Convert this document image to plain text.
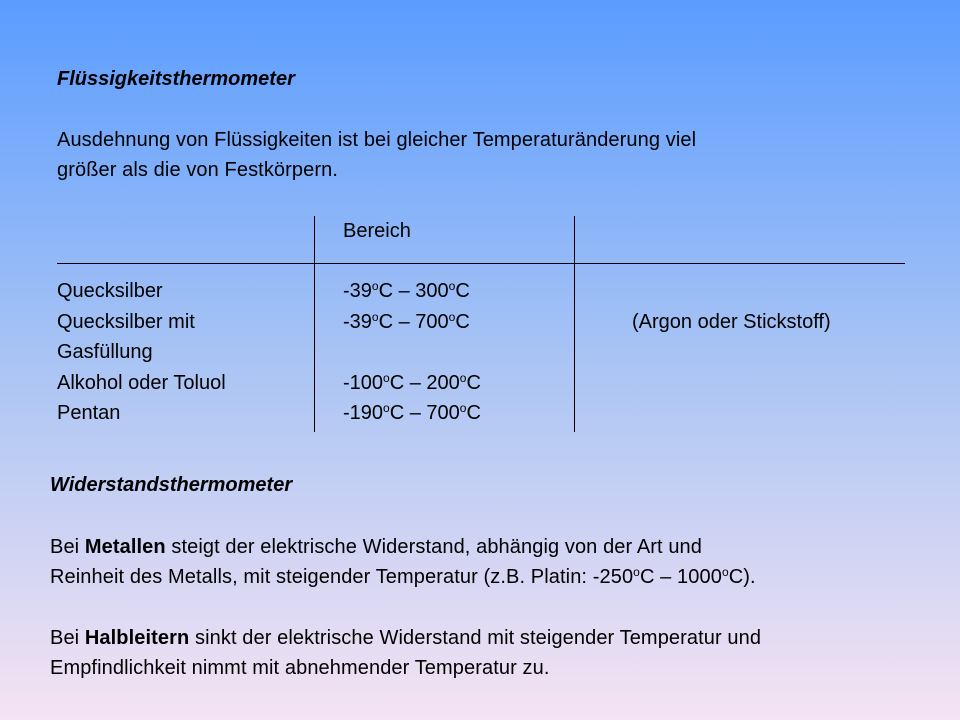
Flüssigkeitsthermometer
Ausdehnung von Flüssigkeiten ist bei gleicher Temperaturänderung viel
größer als die von Festkörpern.
Bereich
Quecksilber	-39$^o$C – 300$^o$C
Quecksilber mit	-39$^o$C – 700$^o$C	(Argon oder Stickstoff)
Gasfüllung
Alkohol oder Toluol	-100$^o$C – 200$^o$C
Pentan	-190$^o$C – 700$^o$C
Widerstandsthermometer
Bei Metallen steigt der elektrische Widerstand, abhängig von der Art und
Reinheit des Metalls, mit steigender Temperatur (z.B. Platin: -250$^o$C – 1000$^o$C).
Bei Halbleitern sinkt der elektrische Widerstand mit steigender Temperatur und
Empfindlichkeit nimmt mit abnehmender Temperatur zu.
